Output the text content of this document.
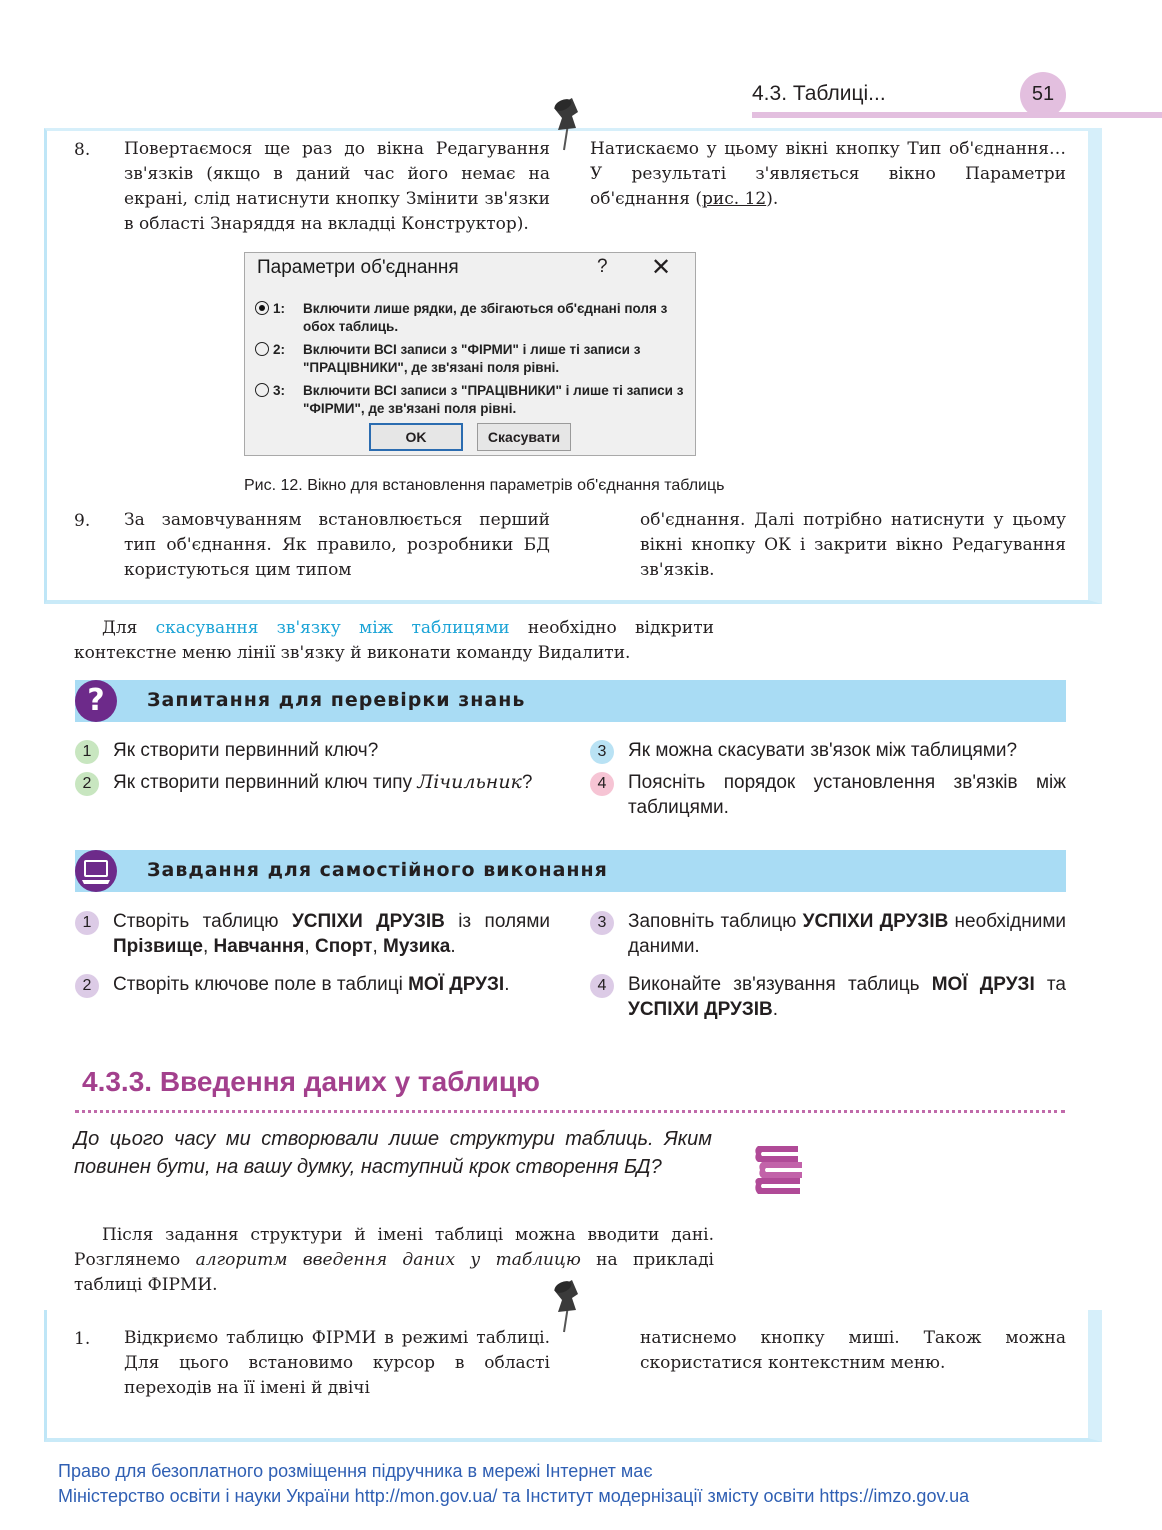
4.3. Таблиці...	51
8. Повертаємося ще раз до вікна Редагування зв'язків (якщо в даний час його немає на екрані, слід натиснути кнопку Змінити зв'язки в області Знаряддя на вкладці Конструктор).
Натискаємо у цьому вікні кнопку Тип об'єднання… У результаті з'являється вікно Параметри об'єднання (рис. 12).
Параметри об'єднання	? ✕
1: Включити лише рядки, де збігаються об'єднані поля з обох таблиць.
2: Включити ВСІ записи з "ФІРМИ" і лише ті записи з "ПРАЦІВНИКИ", де зв'язані поля рівні.
3: Включити ВСІ записи з "ПРАЦІВНИКИ" і лише ті записи з "ФІРМИ", де зв'язані поля рівні.
OK	Скасувати
Рис. 12. Вікно для встановлення параметрів об'єднання таблиць
9. За замовчуванням встановлюється перший тип об'єднання. Як правило, розробники БД користуються цим типом
об'єднання. Далі потрібно натиснути у цьому вікні кнопку ОК і закрити вікно Редагування зв'язків.
Для скасування зв'язку між таблицями необхідно відкрити контекстне меню лінії зв'язку й виконати команду Видалити.
?	Запитання для перевірки знань
1	Як створити первинний ключ?
2	Як створити первинний ключ типу Лічильник?
3	Як можна скасувати зв'язок між таблицями?
4	Поясніть порядок установлення зв'язків між таблицями.
Завдання для самостійного виконання
1	Створіть таблицю УСПІХИ ДРУЗІВ із полями Прізвище, Навчання, Спорт, Музика.
2	Створіть ключове поле в таблиці МОЇ ДРУЗІ.
3	Заповніть таблицю УСПІХИ ДРУЗІВ необхідними даними.
4	Виконайте зв'язування таблиць МОЇ ДРУЗІ та УСПІХИ ДРУЗІВ.
4.3.3. Введення даних у таблицю
До цього часу ми створювали лише структури таблиць. Яким повинен бути, на вашу думку, наступний крок створення БД?
Після задання структури й імені таблиці можна вводити дані. Розглянемо алгоритм введення даних у таблицю на прикладі таблиці ФІРМИ.
1. Відкриємо таблицю ФІРМИ в режимі таблиці. Для цього встановимо курсор в області переходів на її імені й двічі
натиснемо кнопку миші. Також можна скористатися контекстним меню.
Право для безоплатного розміщення підручника в мережі Інтернет має
Міністерство освіти і науки України http://mon.gov.ua/ та Інститут модернізації змісту освіти https://imzo.gov.ua
